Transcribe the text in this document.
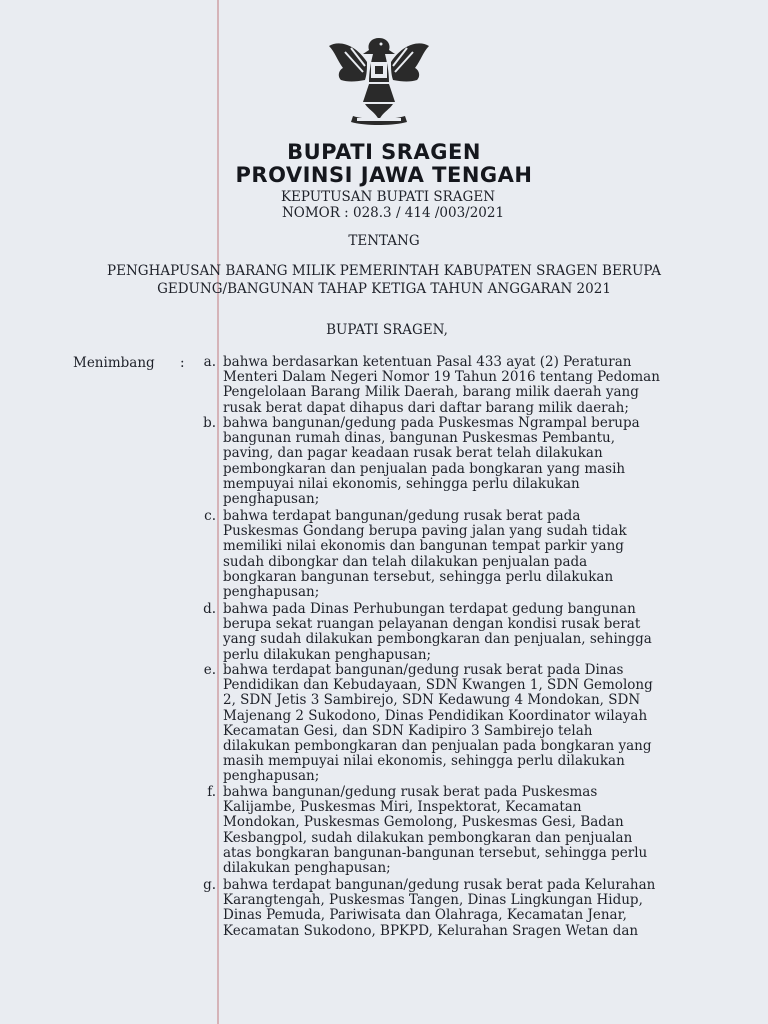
BUPATI SRAGEN
PROVINSI JAWA TENGAH
KEPUTUSAN BUPATI SRAGEN
NOMOR : 028.3 / 414 /003/2021
TENTANG
PENGHAPUSAN BARANG MILIK PEMERINTAH KABUPATEN SRAGEN BERUPA
GEDUNG/BANGUNAN TAHAP KETIGA TAHUN ANGGARAN 2021
BUPATI SRAGEN,
Menimbang :	a. bahwa berdasarkan ketentuan Pasal 433 ayat (2) Peraturan
Menteri Dalam Negeri Nomor 19 Tahun 2016 tentang Pedoman
Pengelolaan Barang Milik Daerah, barang milik daerah yang
rusak berat dapat dihapus dari daftar barang milik daerah;
b. bahwa bangunan/gedung pada Puskesmas Ngrampal berupa
bangunan rumah dinas, bangunan Puskesmas Pembantu,
paving, dan pagar keadaan rusak berat telah dilakukan
pembongkaran dan penjualan pada bongkaran yang masih
mempuyai nilai ekonomis, sehingga perlu dilakukan
penghapusan;
c. bahwa terdapat bangunan/gedung rusak berat pada
Puskesmas Gondang berupa paving jalan yang sudah tidak
memiliki nilai ekonomis dan bangunan tempat parkir yang
sudah dibongkar dan telah dilakukan penjualan pada
bongkaran bangunan tersebut, sehingga perlu dilakukan
penghapusan;
d. bahwa pada Dinas Perhubungan terdapat gedung bangunan
berupa sekat ruangan pelayanan dengan kondisi rusak berat
yang sudah dilakukan pembongkaran dan penjualan, sehingga
perlu dilakukan penghapusan;
e. bahwa terdapat bangunan/gedung rusak berat pada Dinas
Pendidikan dan Kebudayaan, SDN Kwangen 1, SDN Gemolong
2, SDN Jetis 3 Sambirejo, SDN Kedawung 4 Mondokan, SDN
Majenang 2 Sukodono, Dinas Pendidikan Koordinator wilayah
Kecamatan Gesi, dan SDN Kadipiro 3 Sambirejo telah
dilakukan pembongkaran dan penjualan pada bongkaran yang
masih mempuyai nilai ekonomis, sehingga perlu dilakukan
penghapusan;
f. bahwa bangunan/gedung rusak berat pada Puskesmas
Kalijambe, Puskesmas Miri, Inspektorat, Kecamatan
Mondokan, Puskesmas Gemolong, Puskesmas Gesi, Badan
Kesbangpol, sudah dilakukan pembongkaran dan penjualan
atas bongkaran bangunan-bangunan tersebut, sehingga perlu
dilakukan penghapusan;
g. bahwa terdapat bangunan/gedung rusak berat pada Kelurahan
Karangtengah, Puskesmas Tangen, Dinas Lingkungan Hidup,
Dinas Pemuda, Pariwisata dan Olahraga, Kecamatan Jenar,
Kecamatan Sukodono, BPKPD, Kelurahan Sragen Wetan dan
